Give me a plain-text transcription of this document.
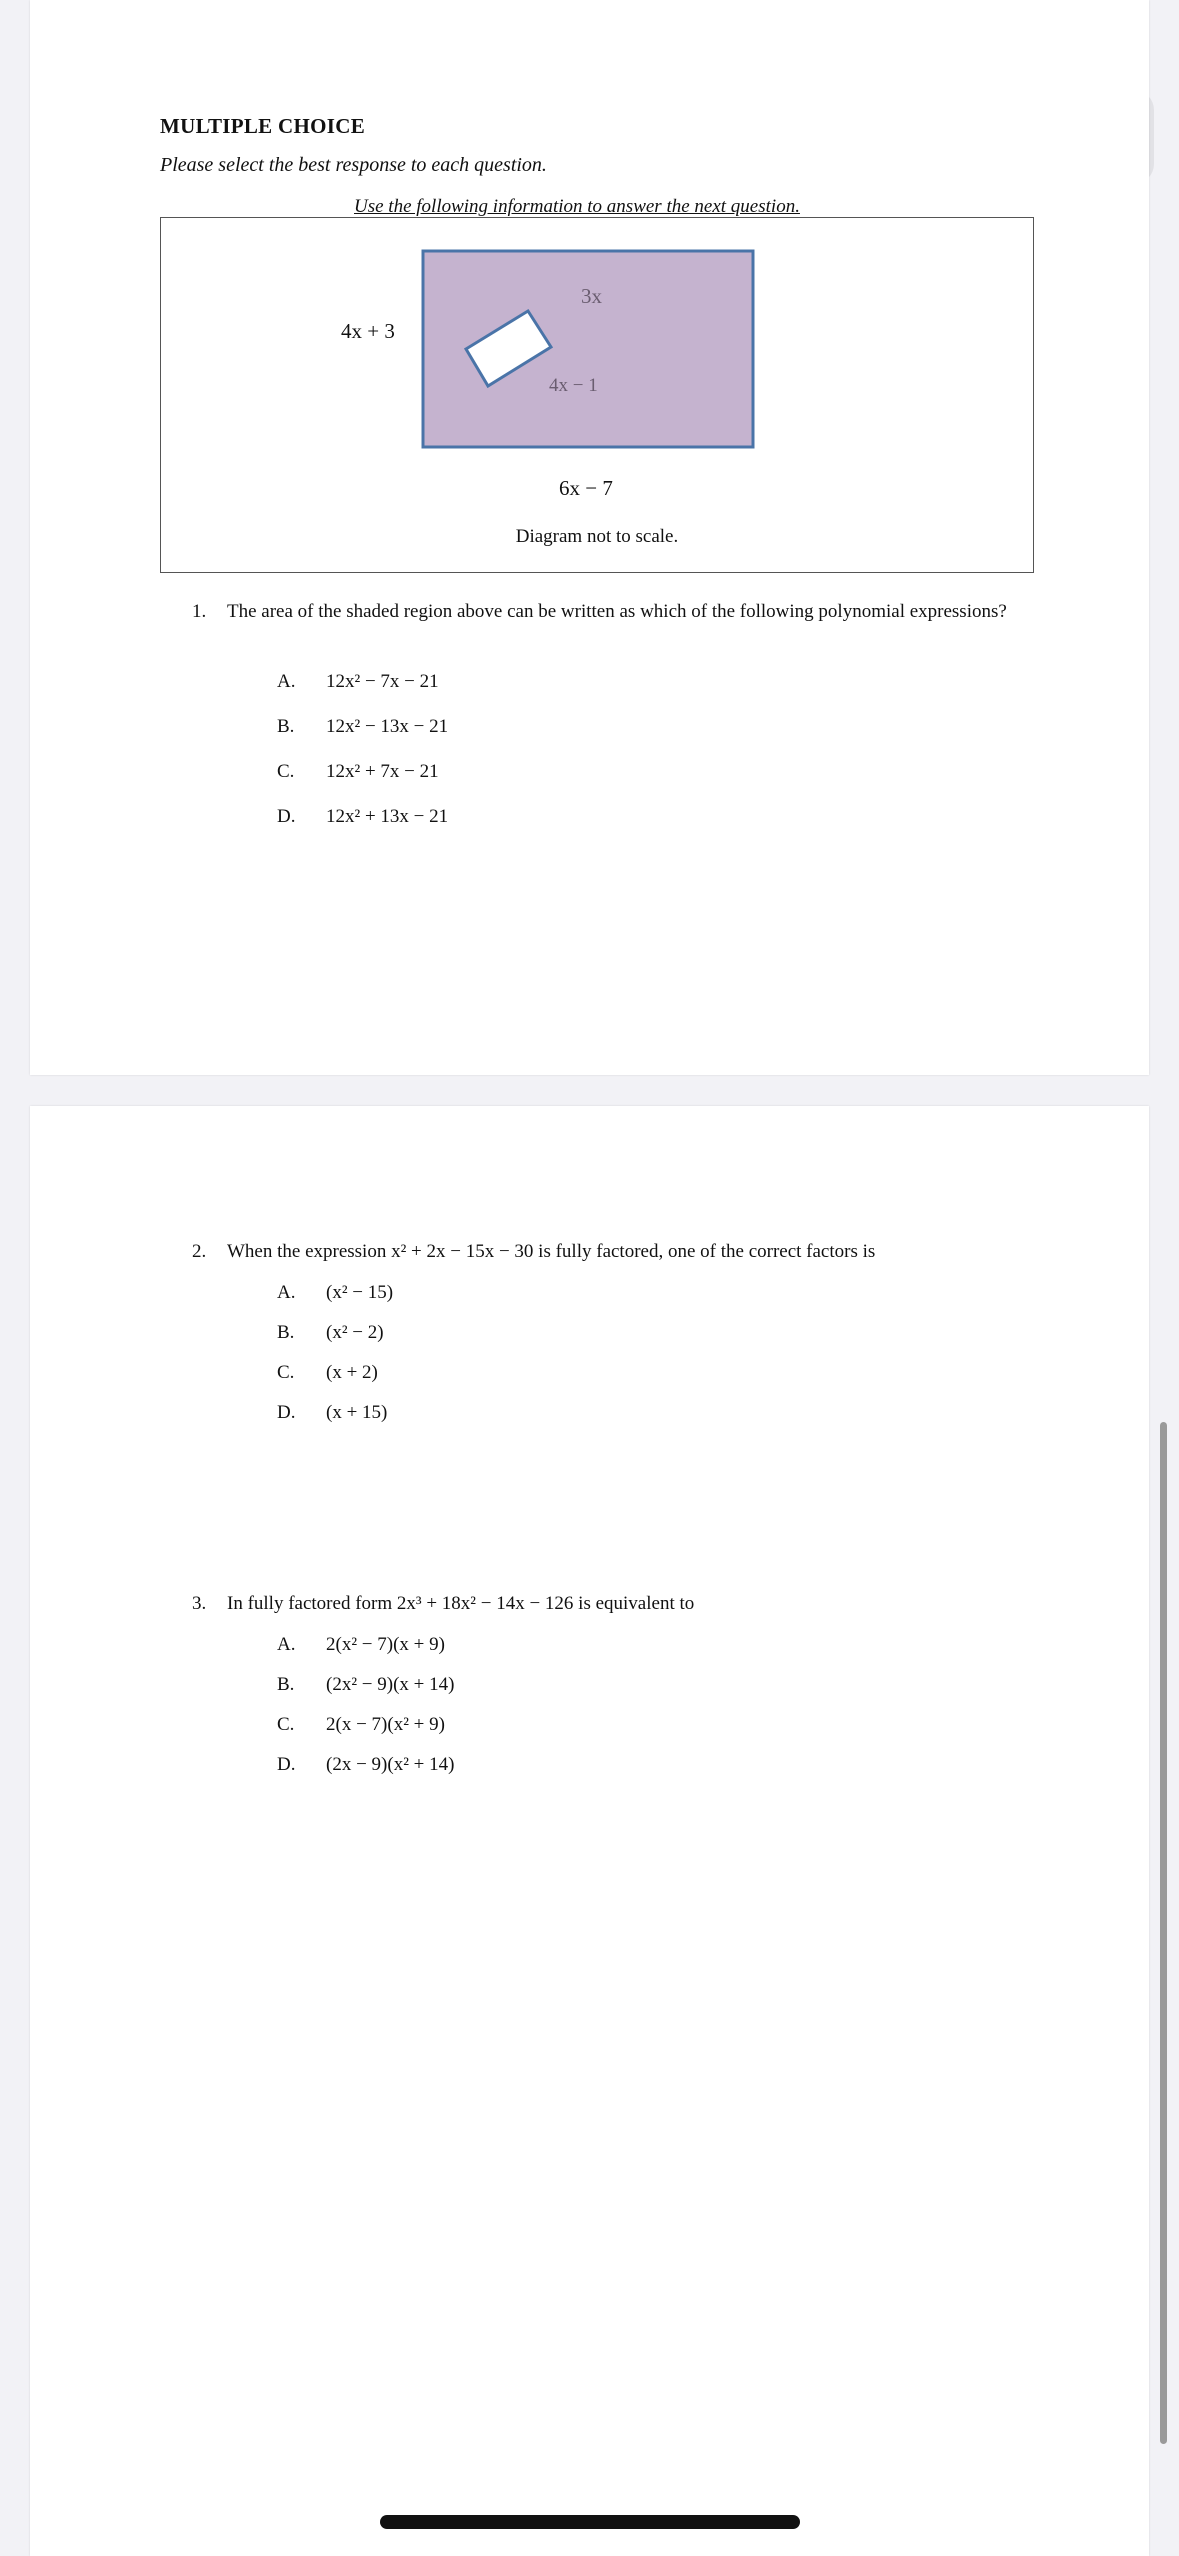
MULTIPLE CHOICE
Please select the best response to each question.
Use the following information to answer the next question.
4x + 3
6x − 7
3x
4x − 1
Diagram not to scale.
1. The area of the shaded region above can be written as which of the following polynomial expressions?
A. 12x² − 7x − 21
B. 12x² − 13x − 21
C. 12x² + 7x − 21
D. 12x² + 13x − 21
2. When the expression x² + 2x − 15x − 30 is fully factored, one of the correct factors is
A. (x² − 15)
B. (x² − 2)
C. (x + 2)
D. (x + 15)
3. In fully factored form 2x³ + 18x² − 14x − 126 is equivalent to
A. 2(x² − 7)(x + 9)
B. (2x² − 9)(x + 14)
C. 2(x − 7)(x² + 9)
D. (2x − 9)(x² + 14)
